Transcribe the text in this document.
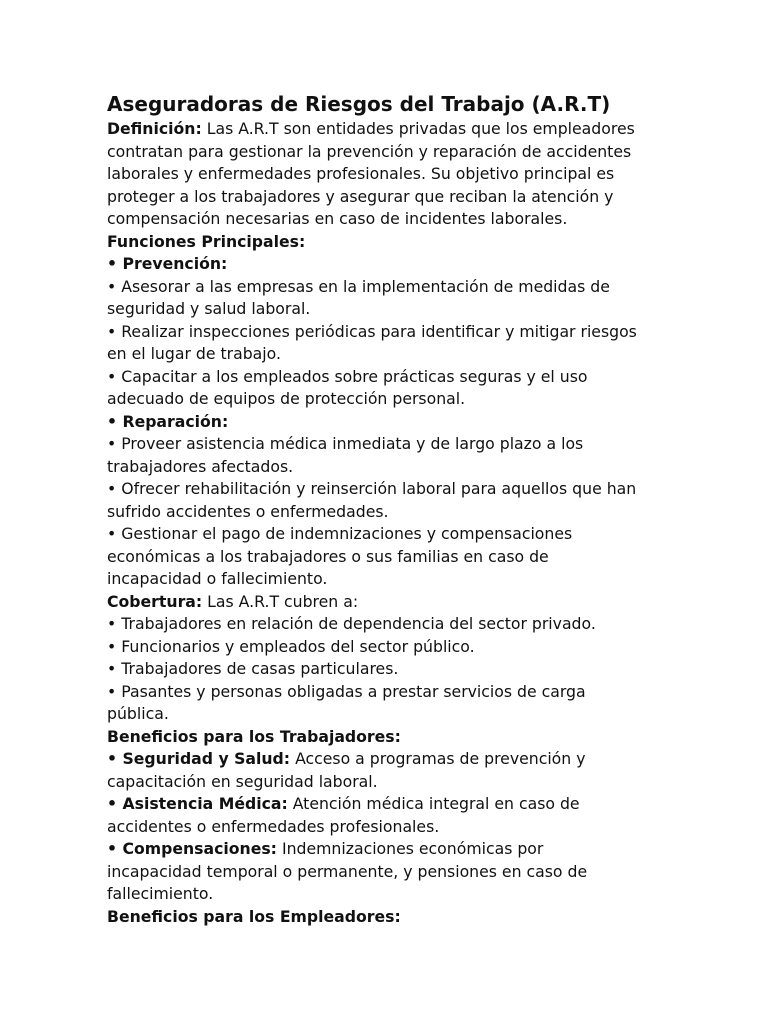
Aseguradoras de Riesgos del Trabajo (A.R.T)
Definición: Las A.R.T son entidades privadas que los empleadores
contratan para gestionar la prevención y reparación de accidentes
laborales y enfermedades profesionales. Su objetivo principal es
proteger a los trabajadores y asegurar que reciban la atención y
compensación necesarias en caso de incidentes laborales.
Funciones Principales:
• Prevención:
• Asesorar a las empresas en la implementación de medidas de
seguridad y salud laboral.
• Realizar inspecciones periódicas para identificar y mitigar riesgos
en el lugar de trabajo.
• Capacitar a los empleados sobre prácticas seguras y el uso
adecuado de equipos de protección personal.
• Reparación:
• Proveer asistencia médica inmediata y de largo plazo a los
trabajadores afectados.
• Ofrecer rehabilitación y reinserción laboral para aquellos que han
sufrido accidentes o enfermedades.
• Gestionar el pago de indemnizaciones y compensaciones
económicas a los trabajadores o sus familias en caso de
incapacidad o fallecimiento.
Cobertura: Las A.R.T cubren a:
• Trabajadores en relación de dependencia del sector privado.
• Funcionarios y empleados del sector público.
• Trabajadores de casas particulares.
• Pasantes y personas obligadas a prestar servicios de carga
pública.
Beneficios para los Trabajadores:
• Seguridad y Salud: Acceso a programas de prevención y
capacitación en seguridad laboral.
• Asistencia Médica: Atención médica integral en caso de
accidentes o enfermedades profesionales.
• Compensaciones: Indemnizaciones económicas por
incapacidad temporal o permanente, y pensiones en caso de
fallecimiento.
Beneficios para los Empleadores:
